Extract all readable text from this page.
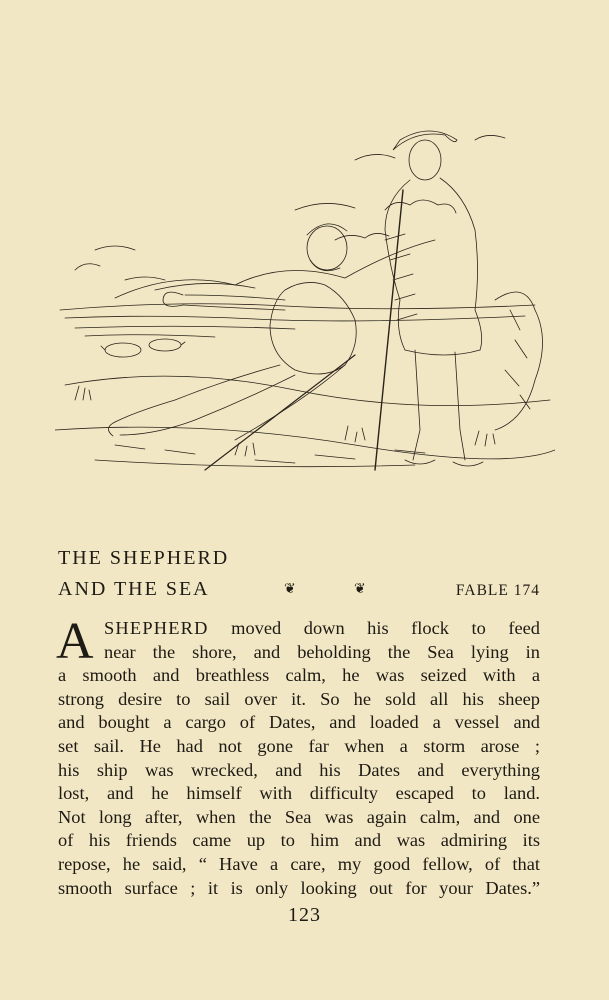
THE SHEPHERD
AND THE SEA	❦	❦	FABLE 174
A SHEPHERD moved down his flock to feed
near the shore, and beholding the Sea lying in
a smooth and breathless calm, he was seized with a
strong desire to sail over it. So he sold all his sheep
and bought a cargo of Dates, and loaded a vessel and
set sail. He had not gone far when a storm arose ;
his ship was wrecked, and his Dates and everything
lost, and he himself with difficulty escaped to land.
Not long after, when the Sea was again calm, and one
of his friends came up to him and was admiring its
repose, he said, “ Have a care, my good fellow, of that
smooth surface ; it is only looking out for your Dates.”
123
